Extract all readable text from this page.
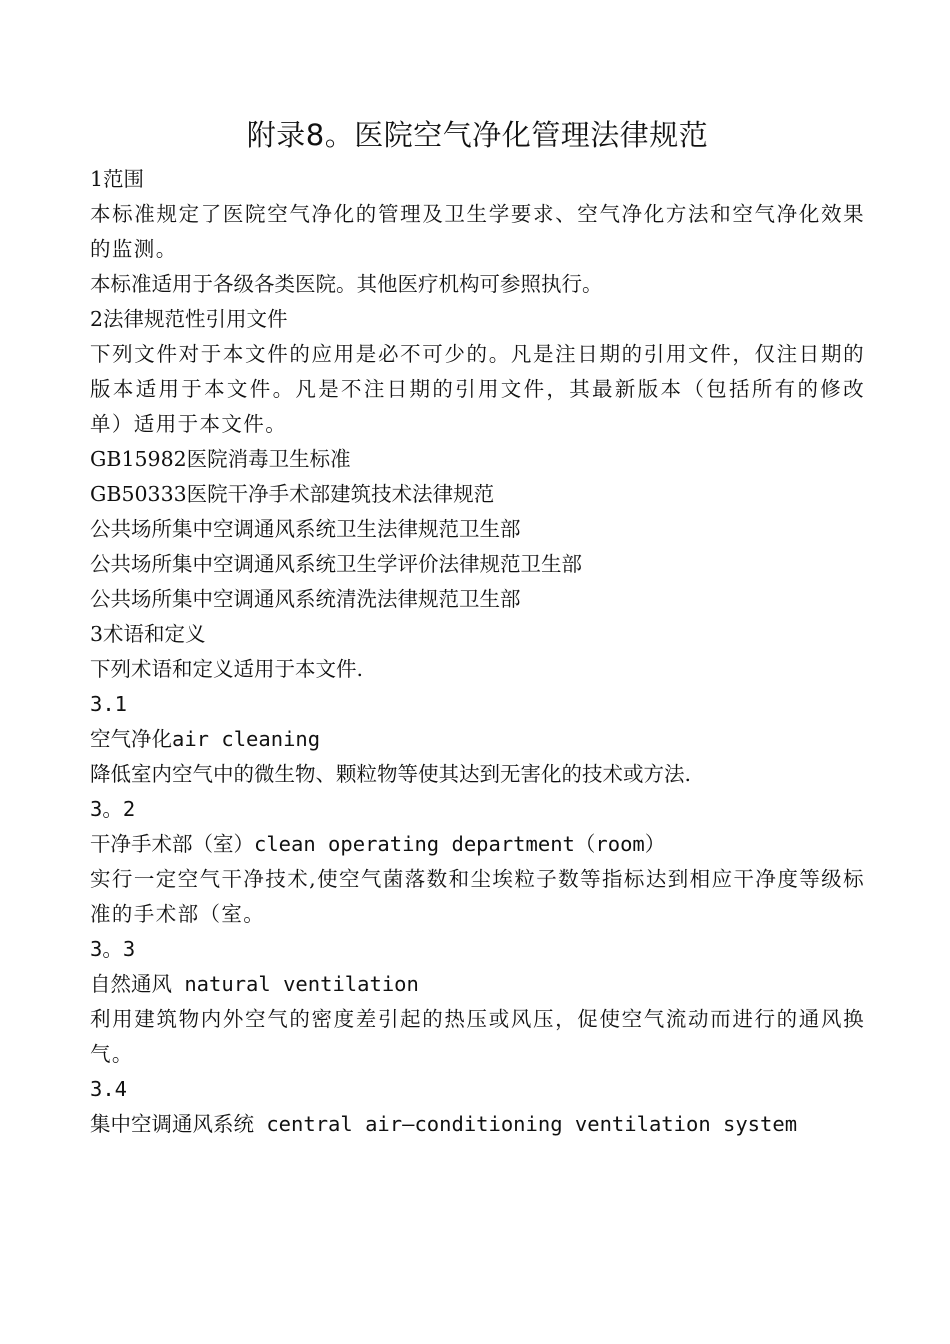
附录8。医院空气净化管理法律规范

1范围

本标准规定了医院空气净化的管理及卫生学要求、空气净化方法和空气净化效果的监测。

本标准适用于各级各类医院。其他医疗机构可参照执行。

2法律规范性引用文件

下列文件对于本文件的应用是必不可少的。凡是注日期的引用文件，仅注日期的版本适用于本文件。凡是不注日期的引用文件，其最新版本（包括所有的修改单）适用于本文件。

GB15982医院消毒卫生标准

GB50333医院干净手术部建筑技术法律规范

公共场所集中空调通风系统卫生法律规范卫生部

公共场所集中空调通风系统卫生学评价法律规范卫生部

公共场所集中空调通风系统清洗法律规范卫生部

3术语和定义

下列术语和定义适用于本文件.

3.1

空气净化air cleaning

降低室内空气中的微生物、颗粒物等使其达到无害化的技术或方法.

3。2

干净手术部（室）clean operating department（room）

实行一定空气干净技术,使空气菌落数和尘埃粒子数等指标达到相应干净度等级标准的手术部（室。

3。3

自然通风 natural ventilation

利用建筑物内外空气的密度差引起的热压或风压，促使空气流动而进行的通风换气。

3.4

集中空调通风系统 central air—conditioning ventilation system
